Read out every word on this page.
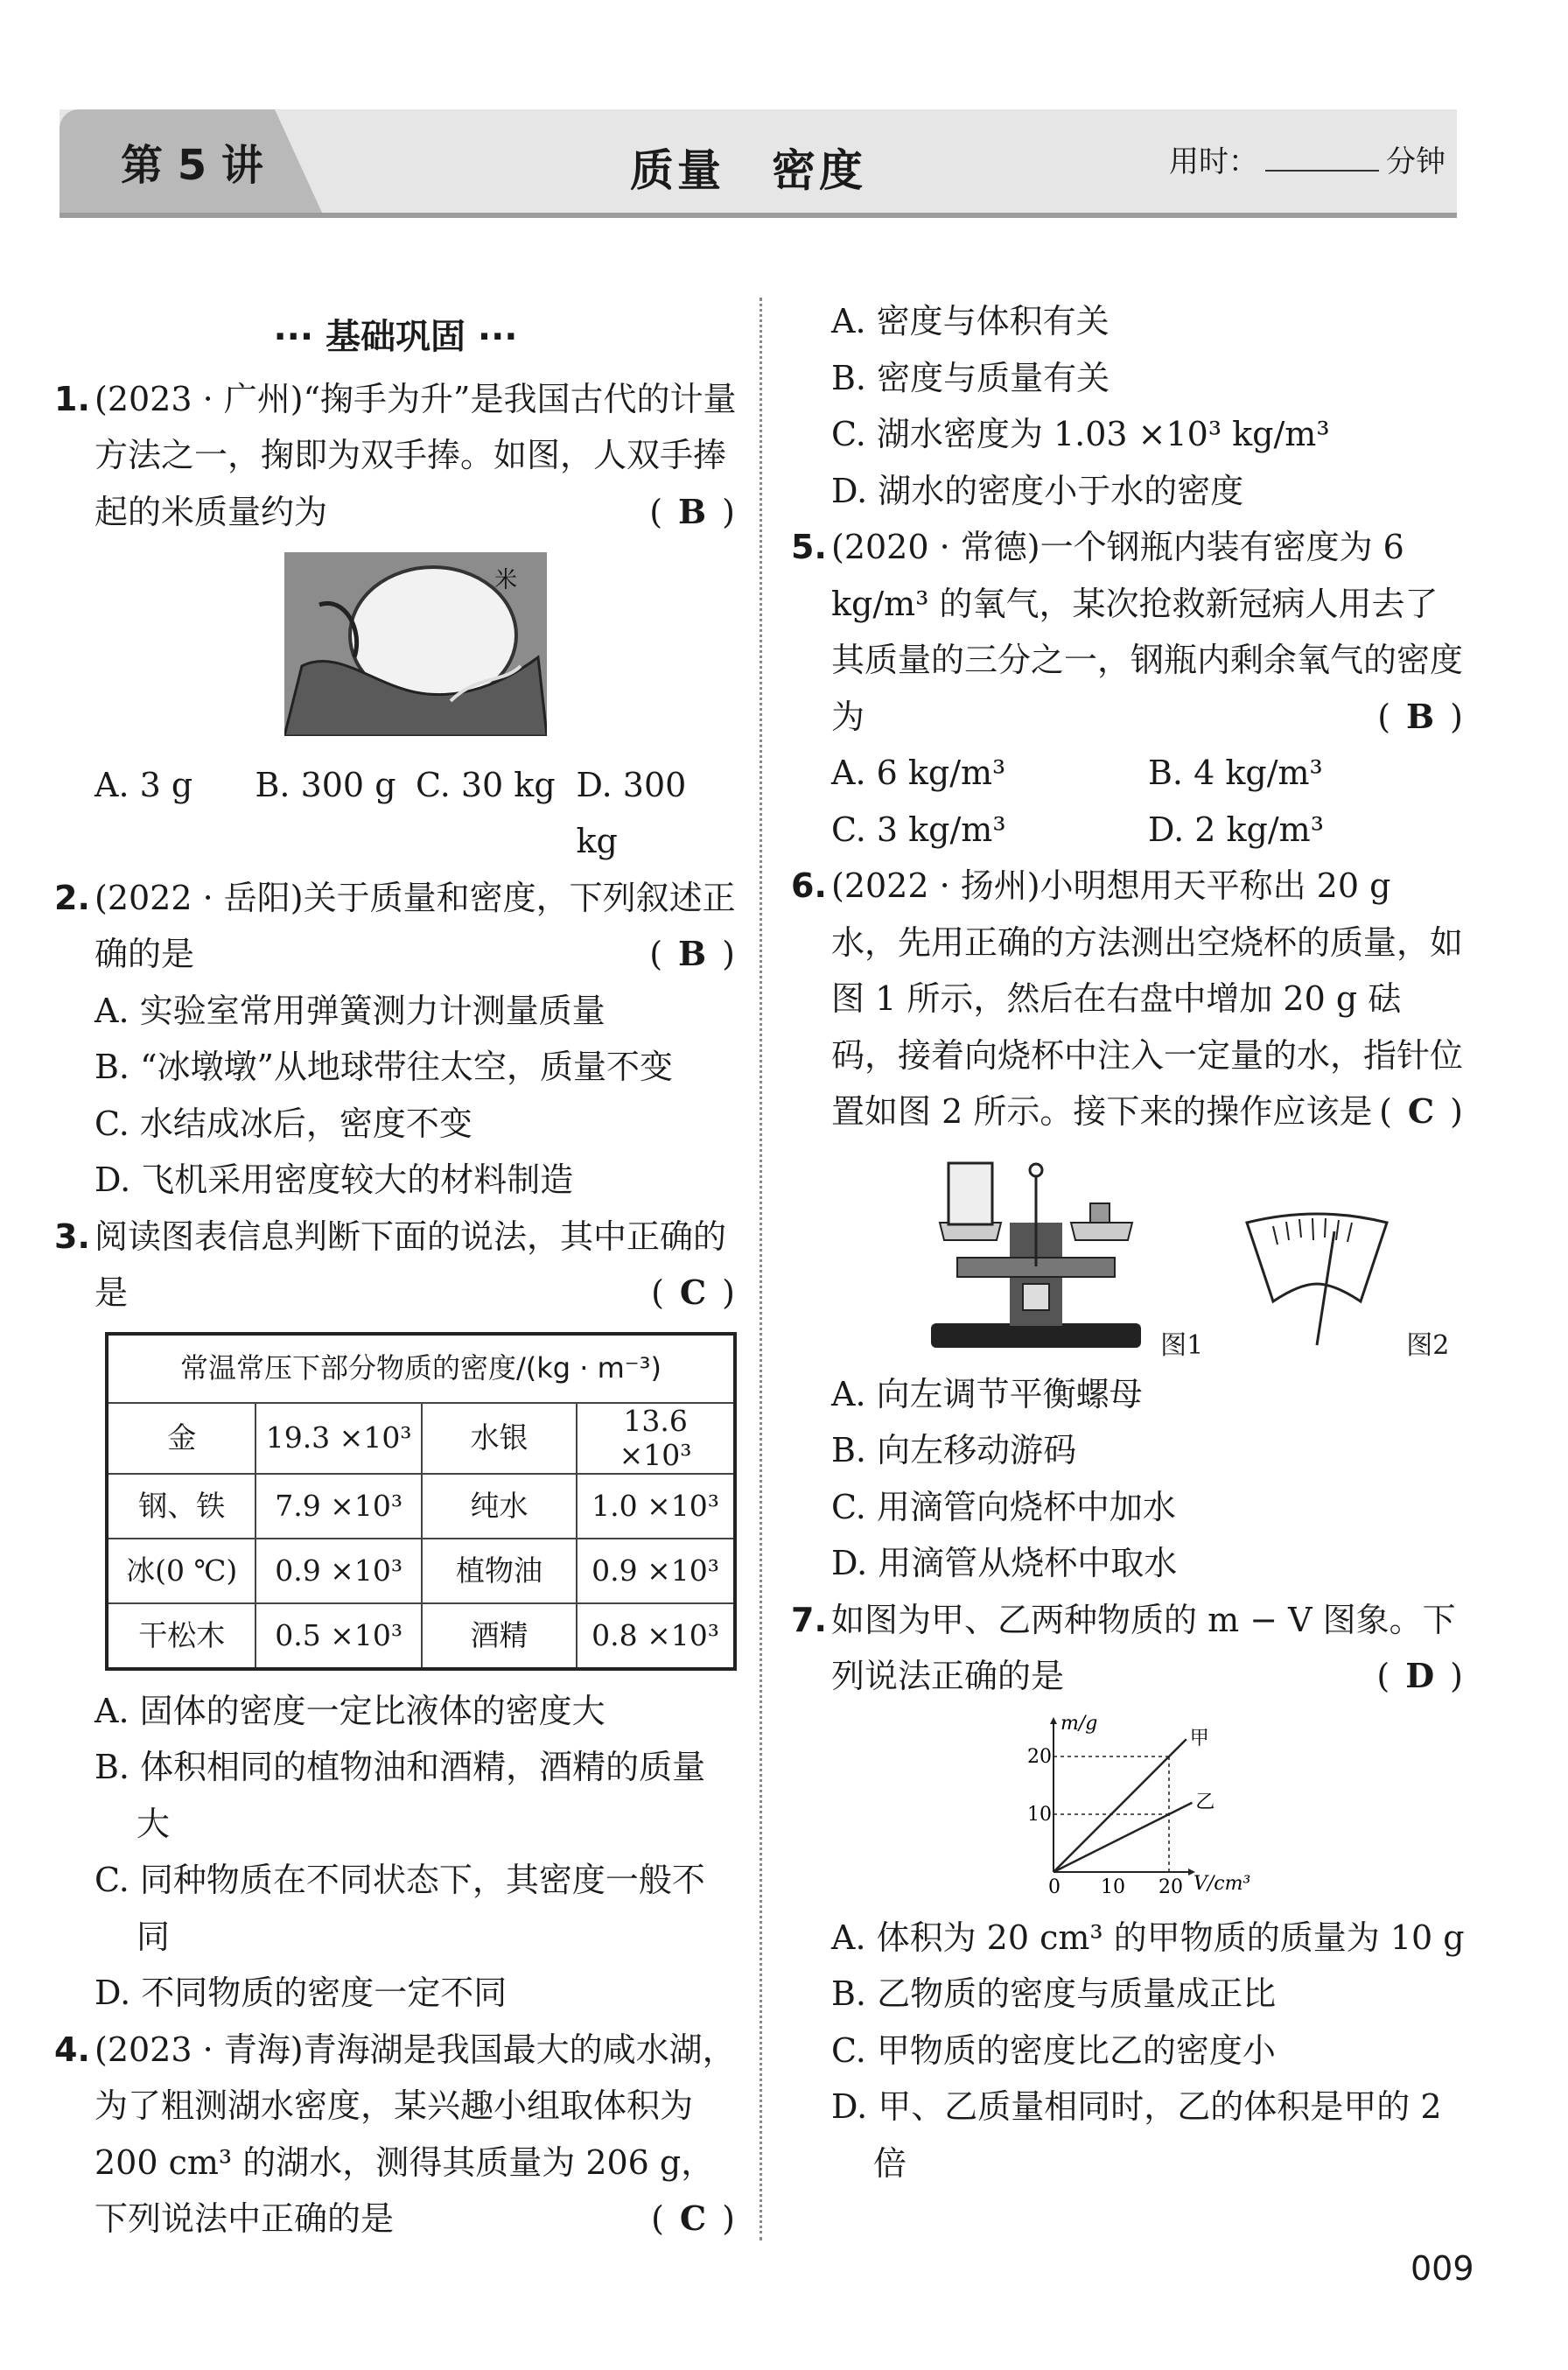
第 5 讲	质量　密度	用时：	分钟
··· 基础巩固 ···
1. (2023 · 广州)“掬手为升”是我国古代的计量方法之一，掬即为双手捧。如图，人双手捧起的米质量约为	( B )
米
A. 3 g	B. 300 g C. 30 kg D. 300 kg
2. (2022 · 岳阳)关于质量和密度，下列叙述正确的是	( B )
A. 实验室常用弹簧测力计测量质量
B. “冰墩墩”从地球带往太空，质量不变
C. 水结成冰后，密度不变
D. 飞机采用密度较大的材料制造
3. 阅读图表信息判断下面的说法，其中正确的是	( C )
常温常压下部分物质的密度/(kg · m⁻³)			
金	19.3 ×10³	水银	13.6 ×10³
钢、铁	7.9 ×10³	纯水	1.0 ×10³
冰(0 ℃)	0.9 ×10³	植物油	0.9 ×10³
干松木	0.5 ×10³	酒精	0.8 ×10³
A. 固体的密度一定比液体的密度大
B. 体积相同的植物油和酒精，酒精的质量大
C. 同种物质在不同状态下，其密度一般不同
D. 不同物质的密度一定不同
4. (2023 · 青海)青海湖是我国最大的咸水湖，为了粗测湖水密度，某兴趣小组取体积为 200 cm³ 的湖水，测得其质量为 206 g，下列说法中正确的是	( C )
A. 密度与体积有关
B. 密度与质量有关
C. 湖水密度为 1.03 ×10³ kg/m³
D. 湖水的密度小于水的密度
5. (2020 · 常德)一个钢瓶内装有密度为 6 kg/m³ 的氧气，某次抢救新冠病人用去了其质量的三分之一，钢瓶内剩余氧气的密度为	( B )
A. 6 kg/m³	B. 4 kg/m³
C. 3 kg/m³	D. 2 kg/m³
6. (2022 · 扬州)小明想用天平称出 20 g 水，先用正确的方法测出空烧杯的质量，如图 1 所示，然后在右盘中增加 20 g 砝码，接着向烧杯中注入一定量的水，指针位置如图 2 所示。接下来的操作应该是 ( C )
图1	图2
A. 向左调节平衡螺母
B. 向左移动游码
C. 用滴管向烧杯中加水
D. 用滴管从烧杯中取水
7. 如图为甲、乙两种物质的 m − V 图象。下列说法正确的是	( D )
甲
乙
m/g
V/cm³
0 10 20
10
20
A. 体积为 20 cm³ 的甲物质的质量为 10 g
B. 乙物质的密度与质量成正比
C. 甲物质的密度比乙的密度小
D. 甲、乙质量相同时，乙的体积是甲的 2 倍
009
